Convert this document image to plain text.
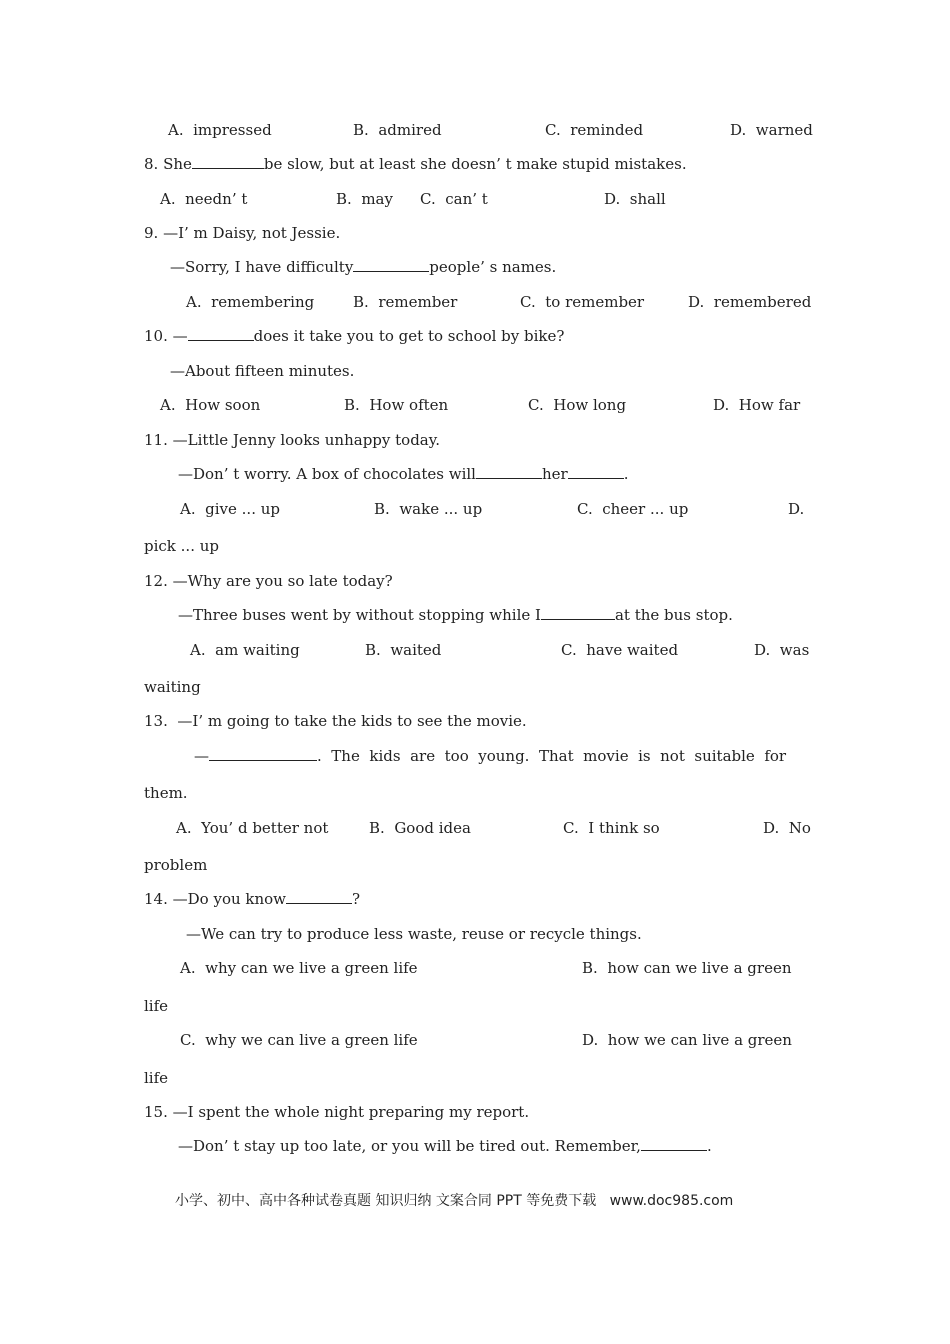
A.  impressed	B.  admired	C.  reminded	D.  warned
8. She	be slow, but at least she doesn’ t make stupid mistakes.
A.  needn’ t	B.  may C.  can’ t	D.  shall
9. —I’ m Daisy, not Jessie.
—Sorry, I have difficulty	people’ s names.
A.  remembering	B.  remember	C.  to remember	D.  remembered
10. —	does it take you to get to school by bike?
—About fifteen minutes.
A.  How soon	B.  How often	C.  How long	D.  How far
11. —Little Jenny looks unhappy today.
—Don’ t worry. A box of chocolates will	her	.
A.  give ... up	B.  wake ... up	C.  cheer ... up	D.
pick ... up
12. —Why are you so late today?
—Three buses went by without stopping while I	at the bus stop.
A.  am waiting	B.  waited	C.  have waited	D.  was
waiting
13. —I’ m going to take the kids to see the movie.
—	.  The  kids  are  too  young.  That  movie  is  not  suitable  for
them.
A.  You’ d better not	B.  Good idea	C.  I think so	D.  No
problem
14. —Do you know	?
—We can try to produce less waste, reuse or recycle things.
A.  why can we live a green life	B.  how can we live a green
life
C.  why we can live a green life	D.  how we can live a green
life
15. —I spent the whole night preparing my report.
—Don’ t stay up too late, or you will be tired out. Remember,	.
小学、初中、高中各种试卷真题 知识归纳 文案合同 PPT 等免费下载   www.doc985.com
